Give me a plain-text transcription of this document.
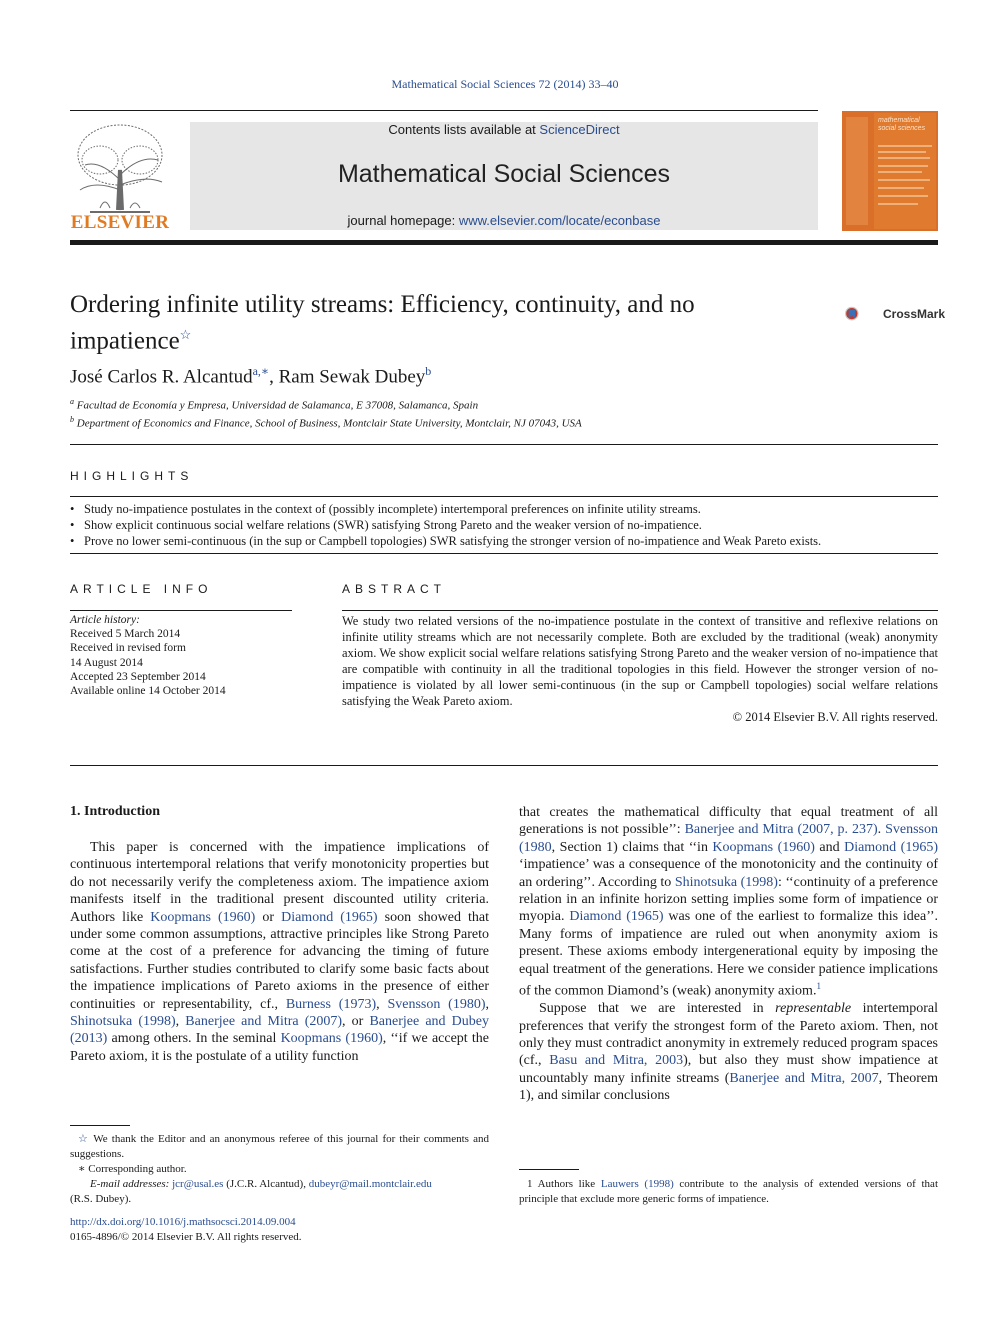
Mathematical Social Sciences 72 (2014) 33–40
ELSEVIER
Contents lists available at ScienceDirect
Mathematical Social Sciences
journal homepage: www.elsevier.com/locate/econbase
mathematical social sciences
Ordering infinite utility streams: Efficiency, continuity, and no
impatience☆
CrossMark
José Carlos R. Alcantud$^{a,∗}$, Ram Sewak Dubey$^b$
$^a$ Facultad de Economía y Empresa, Universidad de Salamanca, E 37008, Salamanca, Spain
$^b$ Department of Economics and Finance, School of Business, Montclair State University, Montclair, NJ 07043, USA
HIGHLIGHTS
• Study no-impatience postulates in the context of (possibly incomplete) intertemporal preferences on infinite utility streams.
• Show explicit continuous social welfare relations (SWR) satisfying Strong Pareto and the weaker version of no-impatience.
• Prove no lower semi-continuous (in the sup or Campbell topologies) SWR satisfying the stronger version of no-impatience and Weak Pareto exists.
ARTICLE INFO
Article history:
Received 5 March 2014
Received in revised form
14 August 2014
Accepted 23 September 2014
Available online 14 October 2014
ABSTRACT
We study two related versions of the no-impatience postulate in the context of transitive and reflexive relations on infinite utility streams which are not necessarily complete. Both are excluded by the traditional (weak) anonymity axiom. We show explicit social welfare relations satisfying Strong Pareto and the weaker version of no-impatience that are compatible with continuity in all the traditional topologies in this field. However the stronger version of no-impatience is violated by all lower semi-continuous (in the sup or Campbell topologies) social welfare relations satisfying the Weak Pareto axiom.
© 2014 Elsevier B.V. All rights reserved.
1. Introduction

This paper is concerned with the impatience implications of continuous intertemporal relations that verify monotonicity properties but do not necessarily verify the completeness axiom. The impatience axiom manifests itself in the traditional present discounted utility criteria. Authors like Koopmans (1960) or Diamond (1965) soon showed that under some common assumptions, attractive principles like Strong Pareto come at the cost of a preference for advancing the timing of future satisfactions. Further studies contributed to clarify some basic facts about the impatience implications of Pareto axioms in the presence of either continuities or representability, cf., Burness (1973), Svensson (1980), Shinotsuka (1998), Banerjee and Mitra (2007), or Banerjee and Dubey (2013) among others. In the seminal Koopmans (1960), ‘‘if we accept the Pareto axiom, it is the postulate of a utility function

☆ We thank the Editor and an anonymous referee of this journal for their comments and suggestions.
∗ Corresponding author.
E-mail addresses: jcr@usal.es (J.C.R. Alcantud), dubeyr@mail.montclair.edu
(R.S. Dubey).
http://dx.doi.org/10.1016/j.mathsocsci.2014.09.004
0165-4896/© 2014 Elsevier B.V. All rights reserved.

that creates the mathematical difficulty that equal treatment of all generations is not possible’’: Banerjee and Mitra (2007, p. 237). Svensson (1980, Section 1) claims that ‘‘in Koopmans (1960) and Diamond (1965) ‘impatience’ was a consequence of the monotonicity and the continuity of an ordering’’. According to Shinotsuka (1998): ‘‘continuity of a preference relation in an infinite horizon setting implies some form of impatience or myopia. Diamond (1965) was one of the earliest to formalize this idea’’. Many forms of impatience are ruled out when anonymity axiom is present. These axioms embody intergenerational equity by imposing the equal treatment of the generations. Here we consider patience implications of the common Diamond’s (weak) anonymity axiom.$^1$

Suppose that we are interested in representable intertemporal preferences that verify the strongest form of the Pareto axiom. Then, not only they must contradict anonymity in extremely reduced program spaces (cf., Basu and Mitra, 2003), but also they must show impatience at uncountably many infinite streams (Banerjee and Mitra, 2007, Theorem 1), and similar conclusions

1 Authors like Lauwers (1998) contribute to the analysis of extended versions of that principle that exclude more generic forms of impatience.
